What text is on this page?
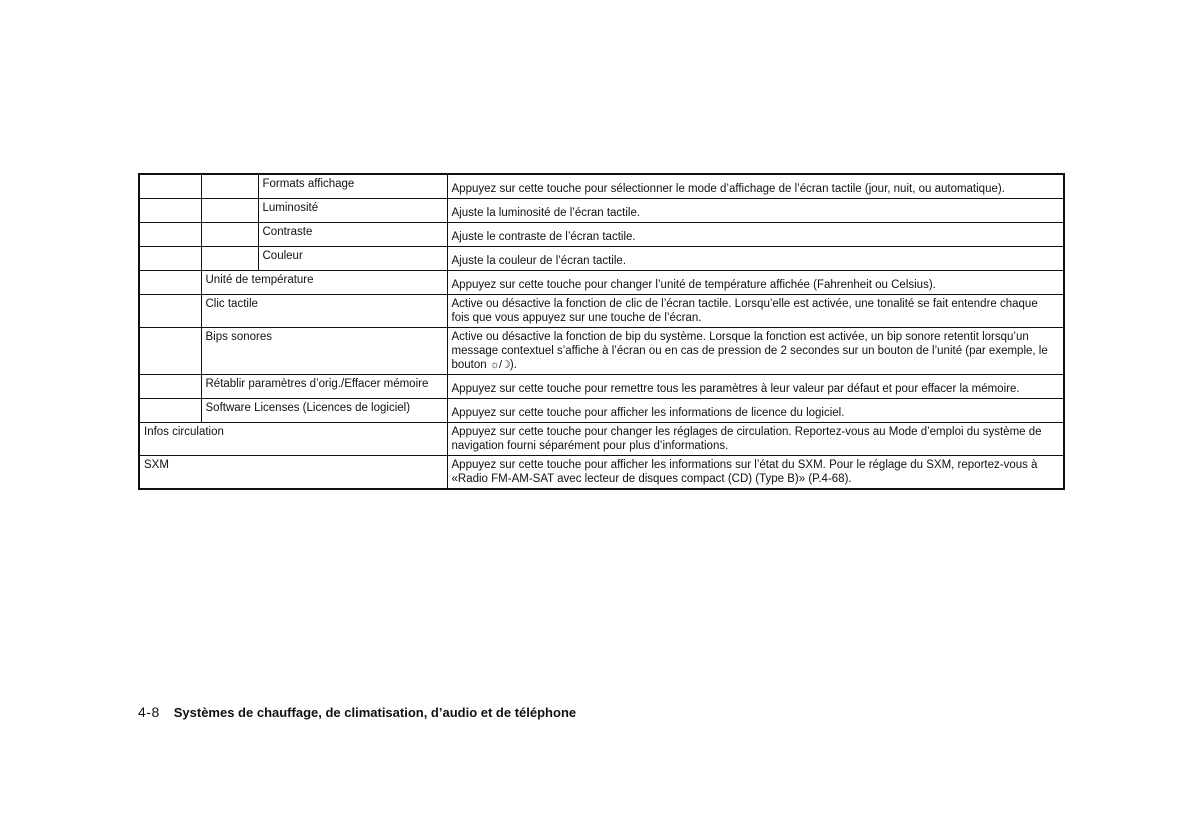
		Formats affichage	Appuyez sur cette touche pour sélectionner le mode d’affichage de l’écran tactile (jour, nuit, ou automatique).
		Luminosité	Ajuste la luminosité de l’écran tactile.
		Contraste	Ajuste le contraste de l’écran tactile.
		Couleur	Ajuste la couleur de l’écran tactile.
	Unité de température		Appuyez sur cette touche pour changer l’unité de température affichée (Fahrenheit ou Celsius).
	Clic tactile		Active ou désactive la fonction de clic de l’écran tactile. Lorsqu’elle est activée, une tonalité se fait entendre chaque fois que vous appuyez sur une touche de l’écran.
	Bips sonores		Active ou désactive la fonction de bip du système. Lorsque la fonction est activée, un bip sonore retentit lorsqu’un message contextuel s’affiche à l’écran ou en cas de pression de 2 secondes sur un bouton de l’unité (par exemple, le bouton ☼/☽).
	Rétablir paramètres d’orig./Effacer mémoire		Appuyez sur cette touche pour remettre tous les paramètres à leur valeur par défaut et pour effacer la mémoire.
	Software Licenses (Licences de logiciel)		Appuyez sur cette touche pour afficher les informations de licence du logiciel.
Infos circulation			Appuyez sur cette touche pour changer les réglages de circulation. Reportez-vous au Mode d’emploi du système de navigation fourni séparément pour plus d’informations.
SXM			Appuyez sur cette touche pour afficher les informations sur l’état du SXM. Pour le réglage du SXM, reportez-vous à «Radio FM-AM-SAT avec lecteur de disques compact (CD) (Type B)» (P.4-68).
4-8 Systèmes de chauffage, de climatisation, d’audio et de téléphone
